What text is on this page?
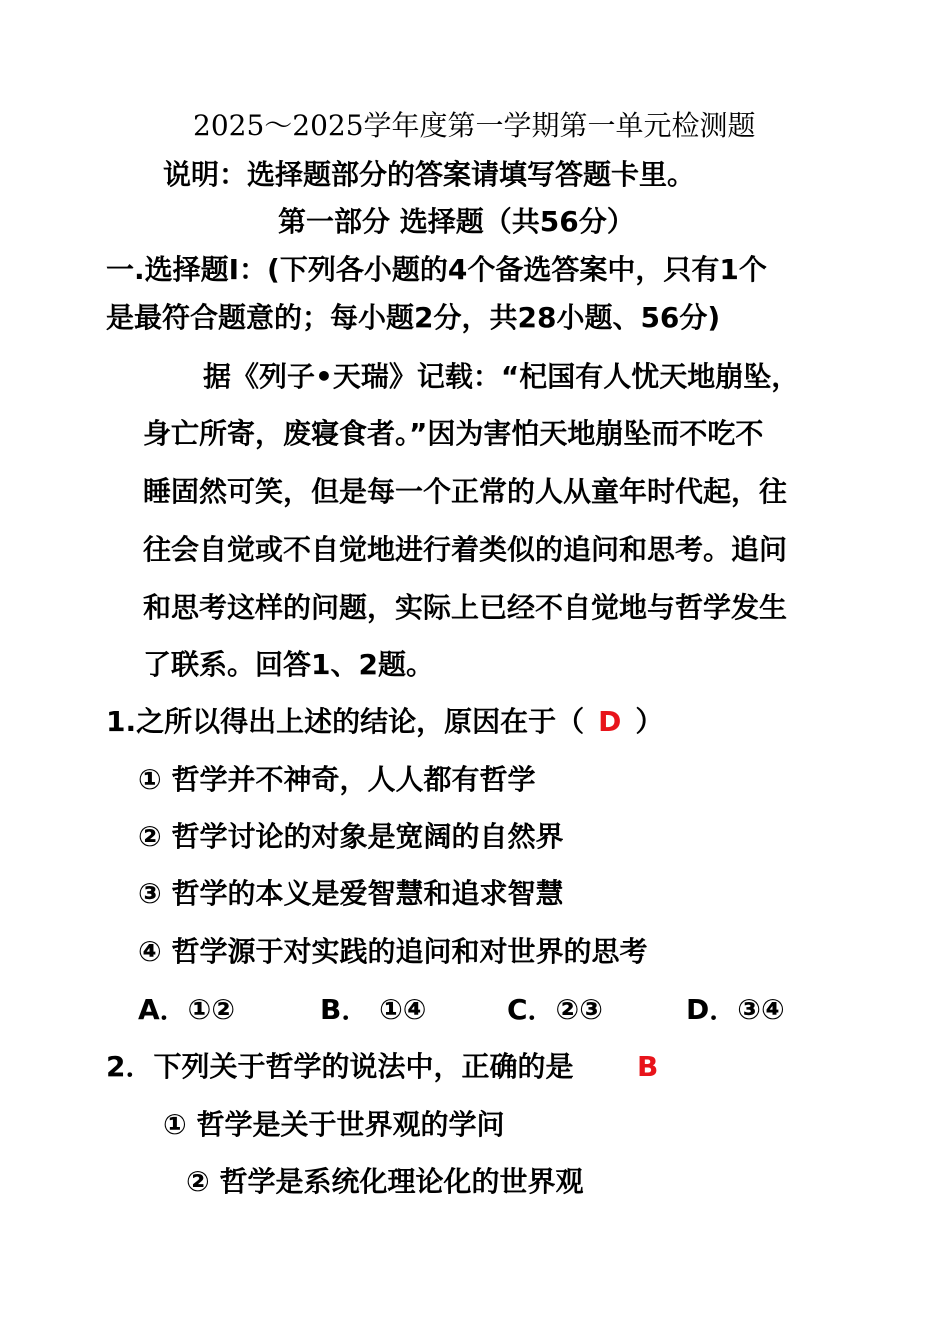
2025～2025学年度第一学期第一单元检测题
说明：选择题部分的答案请填写答题卡里。
第一部分 选择题（共56分）
一.选择题Ⅰ：(下列各小题的4个备选答案中，只有1个
是最符合题意的；每小题2分，共28小题、56分)
据《列子•天瑞》记载：“杞国有人忧天地崩坠，
身亡所寄，废寝食者。”因为害怕天地崩坠而不吃不
睡固然可笑，但是每一个正常的人从童年时代起，往
往会自觉或不自觉地进行着类似的追问和思考。追问
和思考这样的问题，实际上已经不自觉地与哲学发生
了联系。回答1、2题。
1.之所以得出上述的结论，原因在于（ D ）
① 哲学并不神奇，人人都有哲学
② 哲学讨论的对象是宽阔的自然界
③ 哲学的本义是爱智慧和追求智慧
④ 哲学源于对实践的追问和对世界的思考
A．①②	B． ①④	C．②③	D．③④
2．下列关于哲学的说法中，正确的是 B
① 哲学是关于世界观的学问
② 哲学是系统化理论化的世界观
